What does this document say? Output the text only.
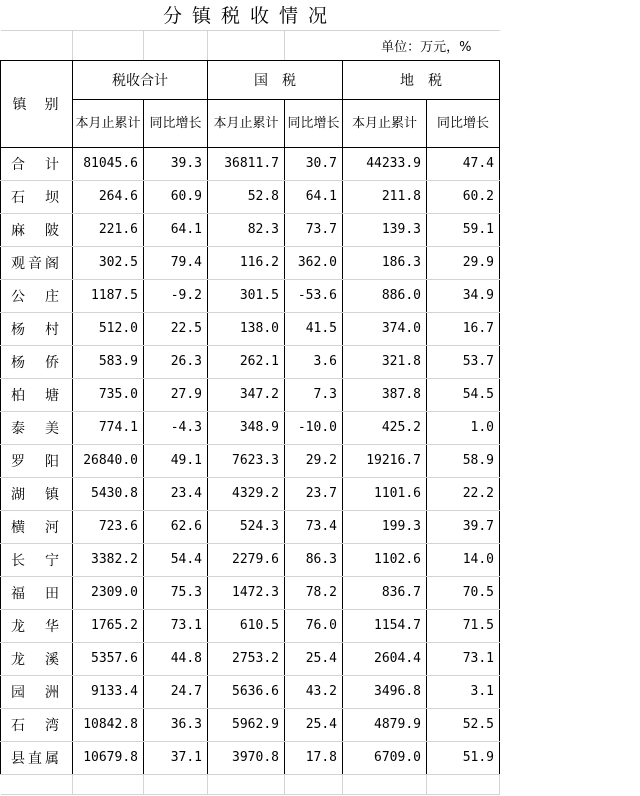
分镇税收情况						
				单位：万元，%		
镇　别	税收合计		国　税		地　税	
	本月止累计	同比增长	本月止累计	同比增长	本月止累计	同比增长
合　计	81045.6	39.3	36811.7	30.7	44233.9	47.4
石　坝	264.6	60.9	52.8	64.1	211.8	60.2
麻　陂	221.6	64.1	82.3	73.7	139.3	59.1
观音阁	302.5	79.4	116.2	362.0	186.3	29.9
公　庄	1187.5	-9.2	301.5	-53.6	886.0	34.9
杨　村	512.0	22.5	138.0	41.5	374.0	16.7
杨　侨	583.9	26.3	262.1	3.6	321.8	53.7
柏　塘	735.0	27.9	347.2	7.3	387.8	54.5
泰　美	774.1	-4.3	348.9	-10.0	425.2	1.0
罗　阳	26840.0	49.1	7623.3	29.2	19216.7	58.9
湖　镇	5430.8	23.4	4329.2	23.7	1101.6	22.2
横　河	723.6	62.6	524.3	73.4	199.3	39.7
长　宁	3382.2	54.4	2279.6	86.3	1102.6	14.0
福　田	2309.0	75.3	1472.3	78.2	836.7	70.5
龙　华	1765.2	73.1	610.5	76.0	1154.7	71.5
龙　溪	5357.6	44.8	2753.2	25.4	2604.4	73.1
园　洲	9133.4	24.7	5636.6	43.2	3496.8	3.1
石　湾	10842.8	36.3	5962.9	25.4	4879.9	52.5
县直属	10679.8	37.1	3970.8	17.8	6709.0	51.9
